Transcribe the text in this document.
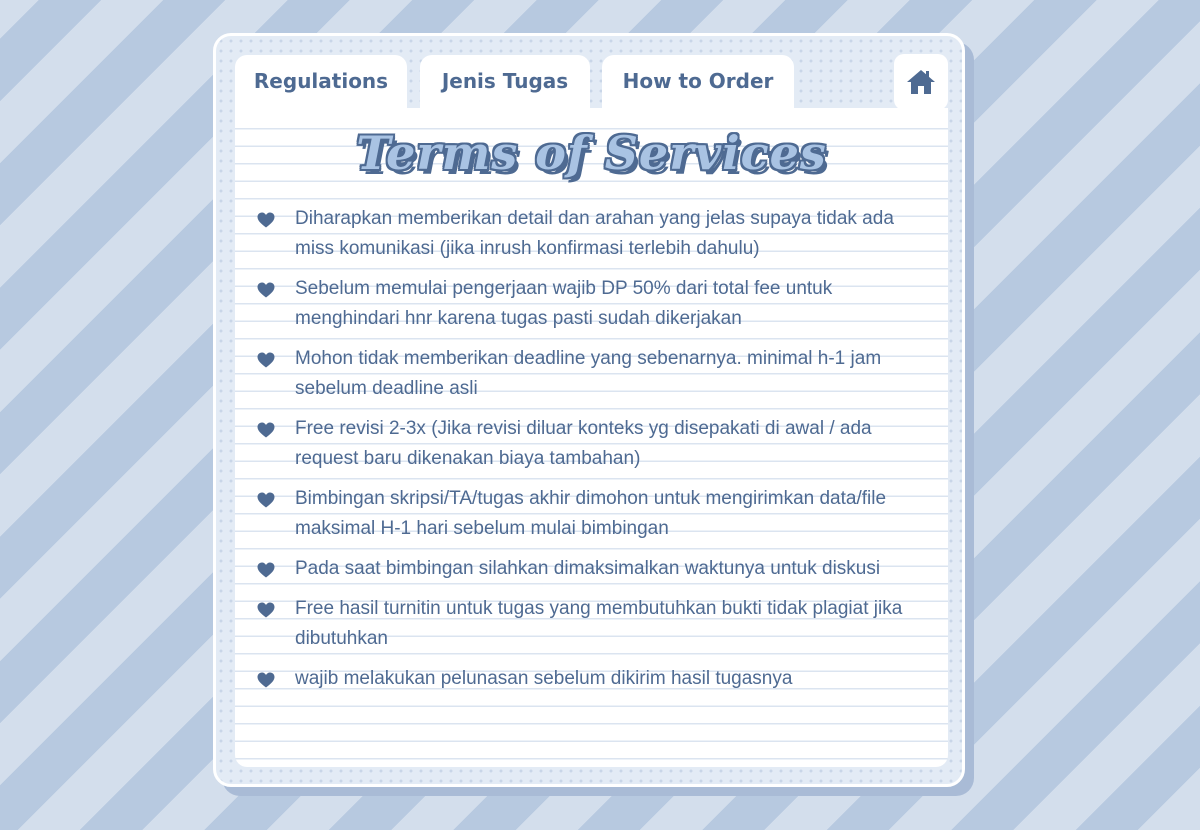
Regulations	Jenis Tugas	How to Order
Terms of Services
Diharapkan memberikan detail dan arahan yang jelas supaya tidak ada miss komunikasi (jika inrush konfirmasi terlebih dahulu)
Sebelum memulai pengerjaan wajib DP 50% dari total fee untuk menghindari hnr karena tugas pasti sudah dikerjakan
Mohon tidak memberikan deadline yang sebenarnya. minimal h-1 jam sebelum deadline asli
Free revisi 2-3x (Jika revisi diluar konteks yg disepakati di awal / ada request baru dikenakan biaya tambahan)
Bimbingan skripsi/TA/tugas akhir dimohon untuk mengirimkan data/file maksimal H-1 hari sebelum mulai bimbingan
Pada saat bimbingan silahkan dimaksimalkan waktunya untuk diskusi
Free hasil turnitin untuk tugas yang membutuhkan bukti tidak plagiat jika dibutuhkan
wajib melakukan pelunasan sebelum dikirim hasil tugasnya
